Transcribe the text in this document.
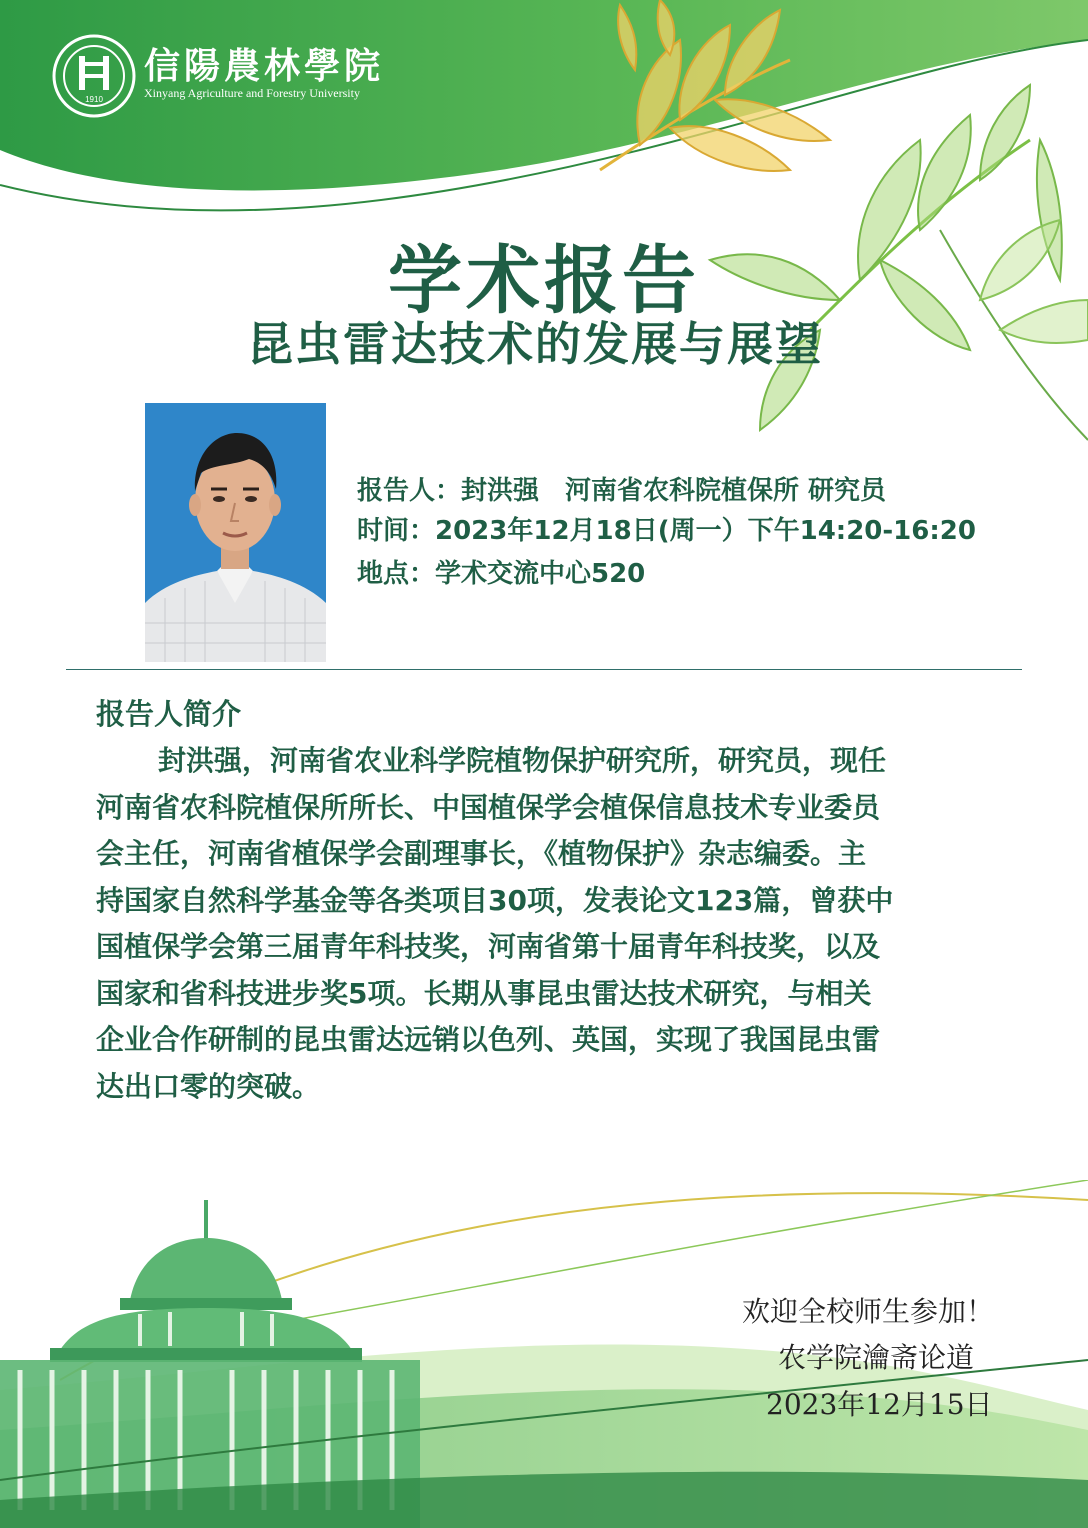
1910
信陽農林學院
Xinyang Agriculture and Forestry University
学术报告
昆虫雷达技术的发展与展望
报告人：封洪强　河南省农科院植保所 研究员
时间：2023年12月18日(周一）下午14:20-16:20
地点：学术交流中心520
报告人简介
封洪强，河南省农业科学院植物保护研究所，研究员，现任
河南省农科院植保所所长、中国植保学会植保信息技术专业委员
会主任，河南省植保学会副理事长，《植物保护》杂志编委。主
持国家自然科学基金等各类项目30项，发表论文123篇，曾获中
国植保学会第三届青年科技奖，河南省第十届青年科技奖，以及
国家和省科技进步奖5项。长期从事昆虫雷达技术研究，与相关
企业合作研制的昆虫雷达远销以色列、英国，实现了我国昆虫雷
达出口零的突破。
欢迎全校师生参加！
农学院瀹斋论道
2023年12月15日
